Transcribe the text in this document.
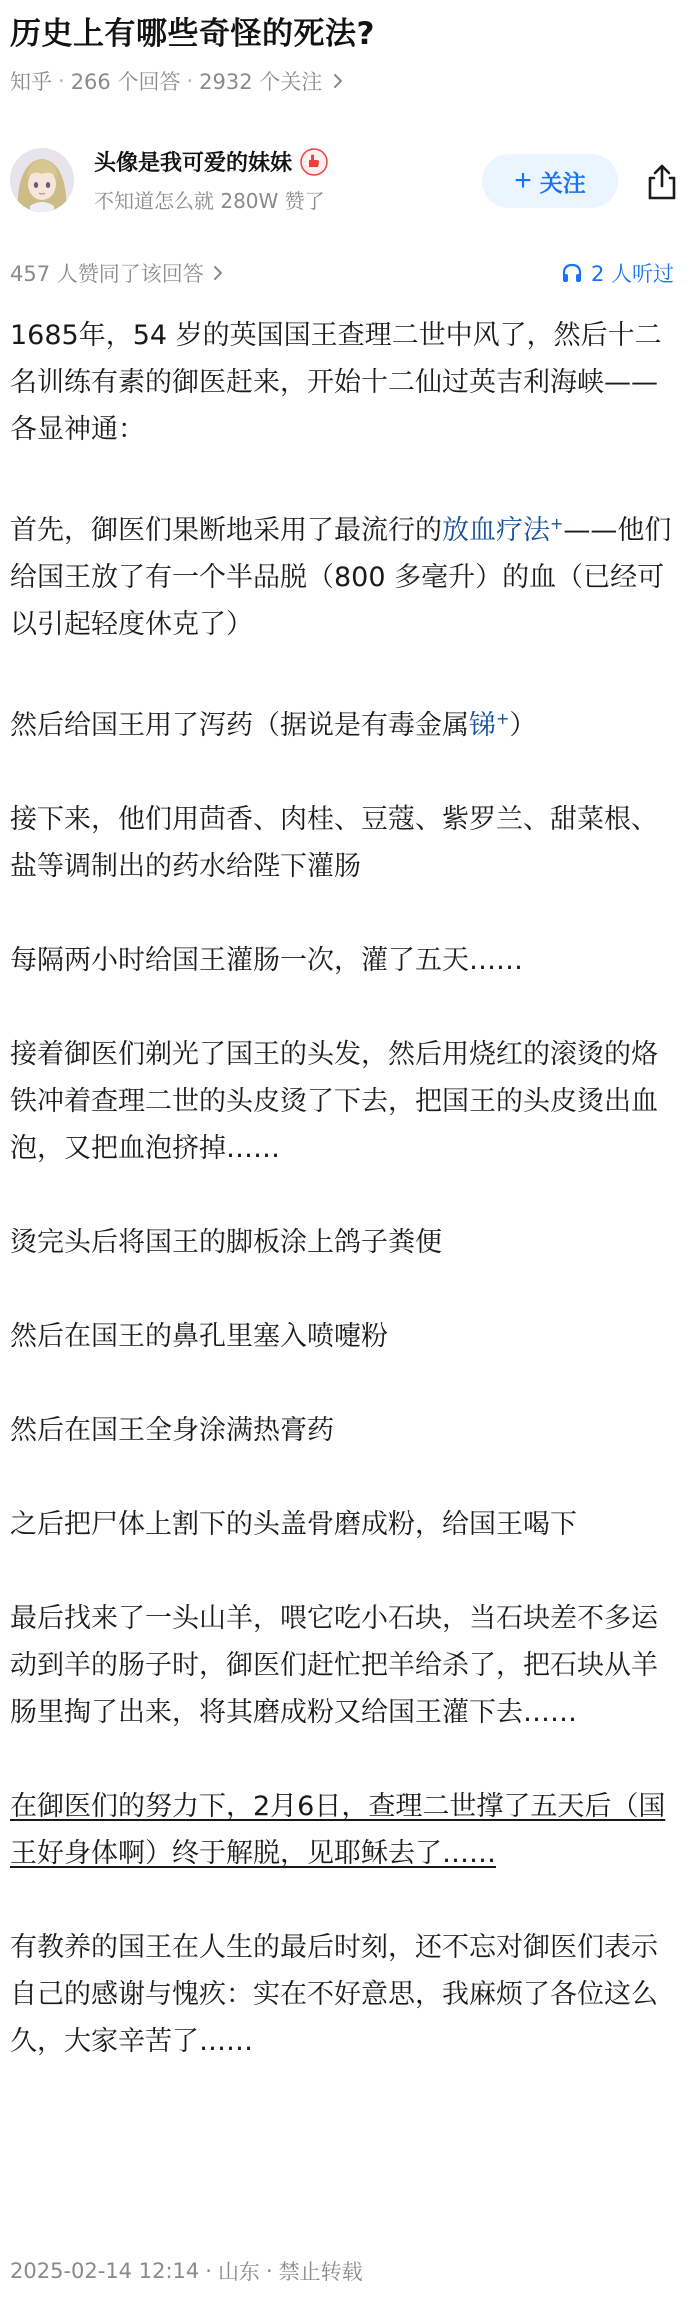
历史上有哪些奇怪的死法?
知乎 · 266 个回答 · 2932 个关注
头像是我可爱的妹妹
不知道怎么就 280W 赞了
+ 关注
457 人赞同了该回答	2 人听过

1685年，54 岁的英国国王查理二世中风了，然后十二名训练有素的御医赶来，开始十二仙过英吉利海峡——各显神通：

首先，御医们果断地采用了最流行的放血疗法+——他们给国王放了有一个半品脱（800 多毫升）的血（已经可以引起轻度休克了）

然后给国王用了泻药（据说是有毒金属锑+）

接下来，他们用茴香、肉桂、豆蔻、紫罗兰、甜菜根、盐等调制出的药水给陛下灌肠

每隔两小时给国王灌肠一次，灌了五天……

接着御医们剃光了国王的头发，然后用烧红的滚烫的烙铁冲着查理二世的头皮烫了下去，把国王的头皮烫出血泡，又把血泡挤掉……

烫完头后将国王的脚板涂上鸽子粪便

然后在国王的鼻孔里塞入喷嚏粉

然后在国王全身涂满热膏药

之后把尸体上割下的头盖骨磨成粉，给国王喝下

最后找来了一头山羊，喂它吃小石块，当石块差不多运动到羊的肠子时，御医们赶忙把羊给杀了，把石块从羊肠里掏了出来，将其磨成粉又给国王灌下去……

在御医们的努力下，2月6日，查理二世撑了五天后（国王好身体啊）终于解脱，见耶稣去了……

有教养的国王在人生的最后时刻，还不忘对御医们表示自己的感谢与愧疚：实在不好意思，我麻烦了各位这么久，大家辛苦了……

2025-02-14 12:14 · 山东 · 禁止转载
